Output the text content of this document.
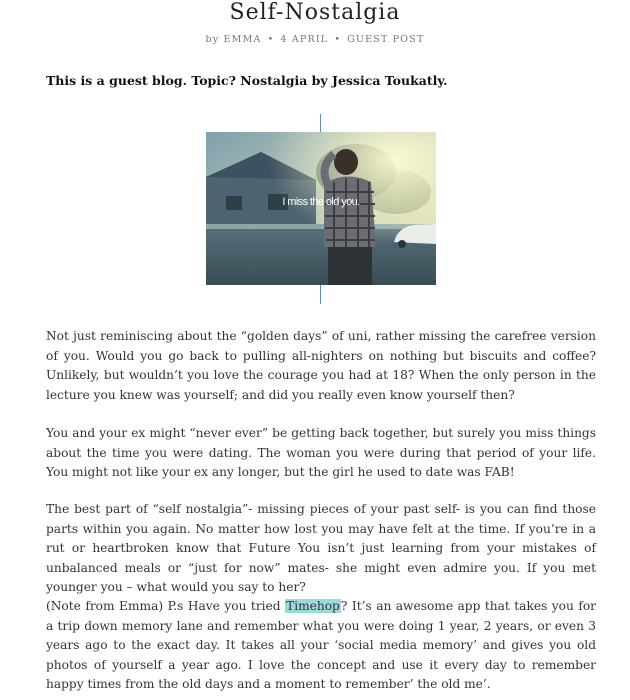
Self-Nostalgia
by EMMA • 4 APRIL • GUEST POST
This is a guest blog. Topic? Nostalgia by Jessica Toukatly.
I miss the old you.

Not just reminiscing about the “golden days” of uni, rather missing the carefree version of you. Would you go back to pulling all-nighters on nothing but biscuits and coffee? Unlikely, but wouldn’t you love the courage you had at 18? When the only person in the lecture you knew was yourself; and did you really even know yourself then?

You and your ex might “never ever” be getting back together, but surely you miss things about the time you were dating. The woman you were during that period of your life. You might not like your ex any longer, but the girl he used to date was FAB!

The best part of “self nostalgia”- missing pieces of your past self- is you can find those parts within you again. No matter how lost you may have felt at the time. If you’re in a rut or heartbroken know that Future You isn’t just learning from your mistakes of unbalanced meals or “just for now” mates- she might even admire you. If you met younger you – what would you say to her?

(Note from Emma) P.s Have you tried Timehop? It’s an awesome app that takes you for a trip down memory lane and remember what you were doing 1 year, 2 years, or even 3 years ago to the exact day. It takes all your ‘social media memory’ and gives you old photos of yourself a year ago. I love the concept and use it every day to remember happy times from the old days and a moment to remember’ the old me’.
